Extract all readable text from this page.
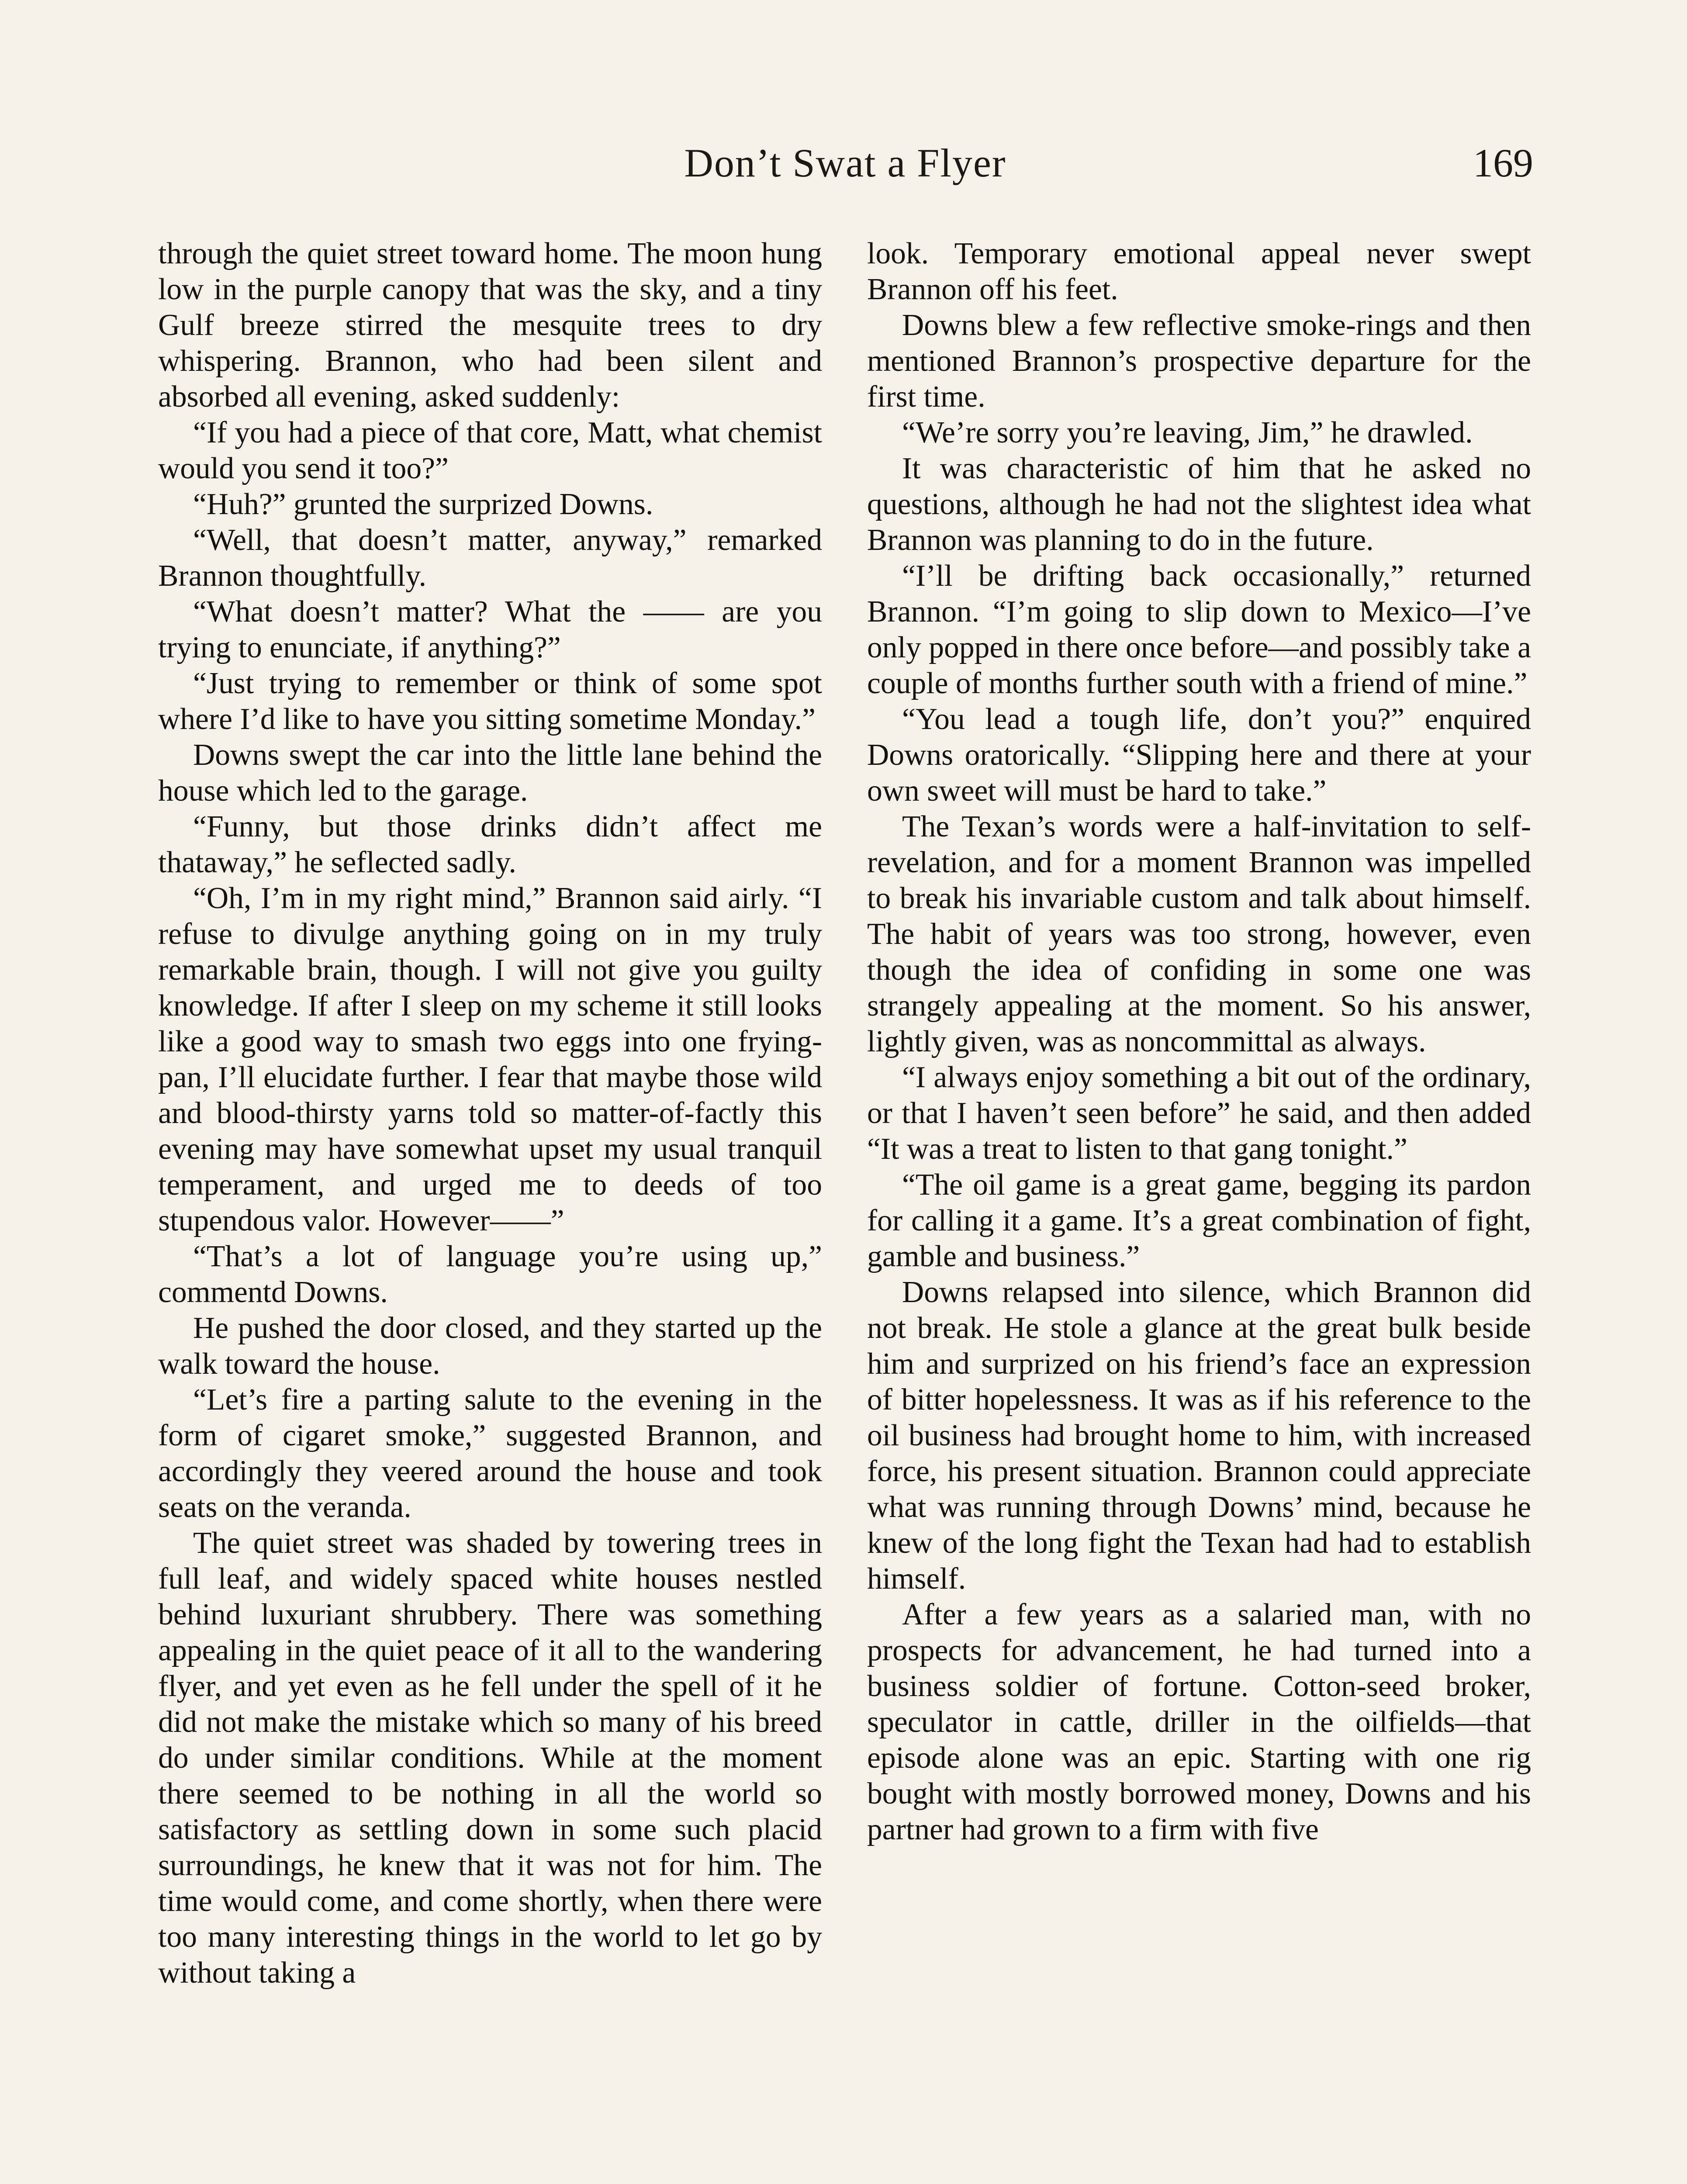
Don’t Swat a Flyer	169

through the quiet street toward home. The moon hung low in the purple canopy that was the sky, and a tiny Gulf breeze stirred the mesquite trees to dry whispering. Brannon, who had been silent and absorbed all evening, asked suddenly:

“If you had a piece of that core, Matt, what chemist would you send it too?”

“Huh?” grunted the surprized Downs.

“Well, that doesn’t matter, anyway,” remarked Brannon thoughtfully.

“What doesn’t matter? What the —— are you trying to enunciate, if anything?”

“Just trying to remember or think of some spot where I’d like to have you sitting sometime Monday.”

Downs swept the car into the little lane behind the house which led to the garage.

“Funny, but those drinks didn’t affect me thataway,” he seflected sadly.

“Oh, I’m in my right mind,” Brannon said airly. “I refuse to divulge anything going on in my truly remarkable brain, though. I will not give you guilty knowledge. If after I sleep on my scheme it still looks like a good way to smash two eggs into one frying-pan, I’ll elucidate further. I fear that maybe those wild and blood-thirsty yarns told so matter-of-factly this evening may have somewhat upset my usual tranquil temperament, and urged me to deeds of too stupendous valor. However——”

“That’s a lot of language you’re using up,” commentd Downs.

He pushed the door closed, and they started up the walk toward the house.

“Let’s fire a parting salute to the evening in the form of cigaret smoke,” suggested Brannon, and accordingly they veered around the house and took seats on the veranda.

The quiet street was shaded by towering trees in full leaf, and widely spaced white houses nestled behind luxuriant shrubbery. There was something appealing in the quiet peace of it all to the wandering flyer, and yet even as he fell under the spell of it he did not make the mistake which so many of his breed do under similar conditions. While at the moment there seemed to be nothing in all the world so satisfactory as settling down in some such placid surroundings, he knew that it was not for him. The time would come, and come shortly, when there were too many interesting things in the world to let go by without taking a

look. Temporary emotional appeal never swept Brannon off his feet.

Downs blew a few reflective smoke-rings and then mentioned Brannon’s prospective departure for the first time.

“We’re sorry you’re leaving, Jim,” he drawled.

It was characteristic of him that he asked no questions, although he had not the slightest idea what Brannon was planning to do in the future.

“I’ll be drifting back occasionally,” returned Brannon. “I’m going to slip down to Mexico—I’ve only popped in there once before—and possibly take a couple of months further south with a friend of mine.”

“You lead a tough life, don’t you?” enquired Downs oratorically. “Slipping here and there at your own sweet will must be hard to take.”

The Texan’s words were a half-invitation to self-revelation, and for a moment Brannon was impelled to break his invariable custom and talk about himself. The habit of years was too strong, however, even though the idea of confiding in some one was strangely appealing at the moment. So his answer, lightly given, was as noncommittal as always.

“I always enjoy something a bit out of the ordinary, or that I haven’t seen before” he said, and then added “It was a treat to listen to that gang tonight.”

“The oil game is a great game, begging its pardon for calling it a game. It’s a great combination of fight, gamble and business.”

Downs relapsed into silence, which Brannon did not break. He stole a glance at the great bulk beside him and surprized on his friend’s face an expression of bitter hopelessness. It was as if his reference to the oil business had brought home to him, with increased force, his present situation. Brannon could appreciate what was running through Downs’ mind, because he knew of the long fight the Texan had had to establish himself.

After a few years as a salaried man, with no prospects for advancement, he had turned into a business soldier of fortune. Cotton-seed broker, speculator in cattle, driller in the oilfields—that episode alone was an epic. Starting with one rig bought with mostly borrowed money, Downs and his partner had grown to a firm with five
